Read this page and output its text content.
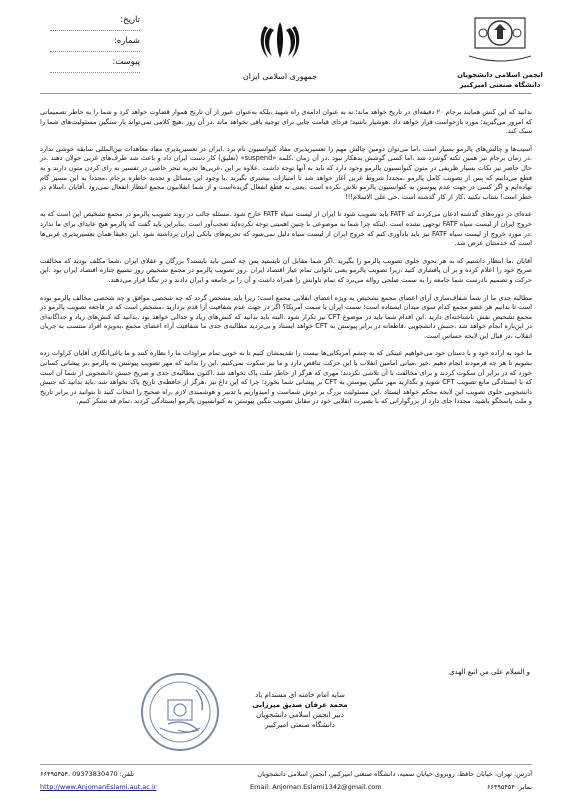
تاریخ:
شماره:
پیوست:
جمهوری اسلامی ایران	انجمن اسلامی دانشجویان
دانشگاه صنعتی امیرکبیر

بدانید که این کنش همانند برجام ۲۰ دقیقه‌ای در تاریخ خواهد ماند؛ نه به عنوان ادامه‌ی راه شهید ،بلکه به‌عنوان عبور از آن تاریخ هموار قضاوت خواهد کرد و شما را به خاطر تصمیماتی که امروز می‌گیرید؛ مورد بازخواست قرار خواهد داد .هوشیار باشید؛ فردای قیامت جایی برای توجیه باقی نخواهد ماند .در آن روز ،هیچ کلامی نمی‌تواند بار سنگین مسئولیت‌های شما را سبک کند.

آسیب‌ها و چالش‌های پالرمو بسیار است ،اما می‌توان دومین چالش مهم را تعسیرپذیری مفاد کنوانسیون نام برد .ایران در تعسیرپذیری مفاد معاهدات بین‌المللی سابقه خوشی ندارد .در زمان برجام نیز همین نکته گوشزد شد ،اما کسی گوشش بدهکار نبود .در آن زمان ،کلمه «suspend» (تعلیق) کار دست ایران داد و باعث شد طرف‌های غربی جولان دهند .در حال حاضر نیز نکات بسیار ظریفی در متون کنوانسیون پالرمو وجود دارد که باید به آنها توجه داشت .علاوه بر این ،غربی‌ها تجربه تبحر خاصی در تفسیر به رای کردن متون دارند و به قطع می‌دانیم که پس از تصویب کامل پالرمو ،مجددا شروط غربی آغاز خواهد شد تا امتیازات بیشتری بگیرند .با وجود این مسائل و تجدید خاطره برجام ،مجددا به این مسیر گام نهاده‌ایم و اگر کسی در جهت عدم پیوستن به کنوانسیون پالرمو تلاش نکرده است ،یعنی به قطع انفعال گزیده‌است و از شما انقلابیون مجمع انتظار انفعال نمی‌رود .آقایان ،اسلام در خطر است! شتاب نکنید ،کار از کار گذشته است .حی علی الاسلام!!!

عده‌ای در دوره‌های گذشته اذعان می‌کردند که FATF باید تصویب شود تا ایران از لیست سیاه FATF خارج شود .مسئله جالب در روند تصویب پالرمو در مجمع تشخیص این است که به خروج ایران از لیست سیاه FATF توجهی نشده است .اینکه چرا شما به موضوعی با چنین اهمیتی توجه نکرده‌اید تعجب‌آور است .بنابراین باید گفت که پالرمو هیچ عاید‌ای برای ما ندارد .در مورد خروج از لیست سیاه FATF نیز باید یادآوری کنم که خروج ایران از لیست سیاه دلیل نمی‌شود که تحریم‌های بانکی ایران برداشته شود .این دقیقا همان تعسیرپذیری غربی‌ها است که خدمتتان عرض شد.

آقایان ،ما انتظار داشتیم که به هر نحوی جلوی تصویب پالرمو را بگیرید .اگر شما مقابل آن نایستید پس چه کسی باید بایستد؟ بزرگان و عقلای ایران ،شما مکلف بودید که مخالفت صریح خود را اعلام کرده و بر آن پافشاری کنید ،زیرا تصویب پالرمو یعنی ناتوانی تمام عیار اقتصاد ایران .روز تصویب پالرمو در مجمع تشخیص روز تشییع جنازه اقتصاد ایران بود .این حرکت و تصمیم نادرست شما جامعه را به سمت صلحی رواله می‌برد که تمام تاوانش را همراه داشت و آن را بر جامعه و ایران دادند و در تنگنا قرار می‌دهند.

مطالبه جدی ما از شما شفاف‌سازی آرای اعضای مجمع تشخیص به ویژه اعضای انقلابی مجمع است؛ زیرا باید مشخص گردد که چه شخصی موافق و چه شخصی مخالف پالرمو بوده است تا بدانیم هر عضو مجمع کدام سوی میدان ایستاده است؛ سمت ایران یا سمت آمریکا؟ اگر در جهت عدم شفافیت آرا قدم بردارید ،مشخص است که در فاجعه تصویب پالرمو در مجمع تشخیص نقش ناشناخته‌ای دارید .این اقدام شما باید در موضوع CFT نیز تکرار شود .البته باید بدانید که کنش‌های زیاد و جدالی خواهد بود .بدانید که کنش‌های زیاد و جداگانه‌ای در این‌باره انجام خواهد شد .جنبش دانشجویی ،قاطعانه در برابر پیوستن به CFT خواهد ایستاد و بی‌تردید مطالبه‌ی جدی ما شفافیت آراء اعضای مجمع ،به‌ویژه افراد منتسب به جریان انقلاب ،در قبال این لایحه حساس است.

ما خود به اراده خود و با دستان خود می‌خواهیم عینکی که به چشم آمریکایی‌ها نیست را تقدیمشان کنیم تا به خوبی تمام مراودات ما را نظاره کنند و ما یاغی‌انگاری آقایان کراوات زده بشویم تا هر چه فرمودند انجام دهیم .خیر ،میانی امامین انقلاب با این حرکت تناقض دارد و ما نیز سکوت نمی‌کنیم .این را بدانید که مهر تصویب پیوستن به پالرمو ،بر پیشانی کسانی خورد که در برابر آن سکوت کردند و برای مخالفت با آن تلاشی نکردند؛ مهری که هرگز از خاطر ملت پاک نخواهد شد .اکنون مطالبه‌ی جدی و صریح جنبش دانشجویی از شما آن است که با ایستادگی مانع تصویب CFT شوید و نگذارید مهر ننگین پیوستن به CFT بر پیشانی شما بخورد؛ چرا که این داغ نیز ،هرگز از حافظه‌ی تاریخ پاک نخواهد شد .باید بدانید که جنبش دانشجویی جلوی تصویب این لایحه محکم خواهد ایستاد .این مسئولیت بزرگ بر دوش شماست و امیدواریم با تدبیر و هوشمندی لازم ،راه صحیح را انتخاب کنید تا بتوانید در برابر تاریخ و ملت پاسخگو باشید. مجددا جای دارد از بزرگوارانی که با بصیرت انقلابی خود در مقابل تصویب ننگین پیوستن به کنوانسیون پالرمو ایستادگی کردند ،تمام قد تشکر کنیم.

و السلام علی من اتبع الهدی
سایه امام خامنه ای مستدام باد
محمد عرفان صدیق میرزایی
دبیر انجمن اسلامی دانشجویان
دانشگاه صنعتی امیرکبیر
آدرس: تهران، خیابان حافظ، روبروی خیابان سمیه، دانشگاه صنعتی امیرکبیر، انجمن اسلامی دانشجویان
تلفن: 09373830470 ،۶۶۴۹۵۴۵۴
نمابر: ۶۶۴۹۵۴۵۴
Email: Anjoman.Eslami1342@gmail.com
http://www.AnjomanEslami.aut.ac.ir
